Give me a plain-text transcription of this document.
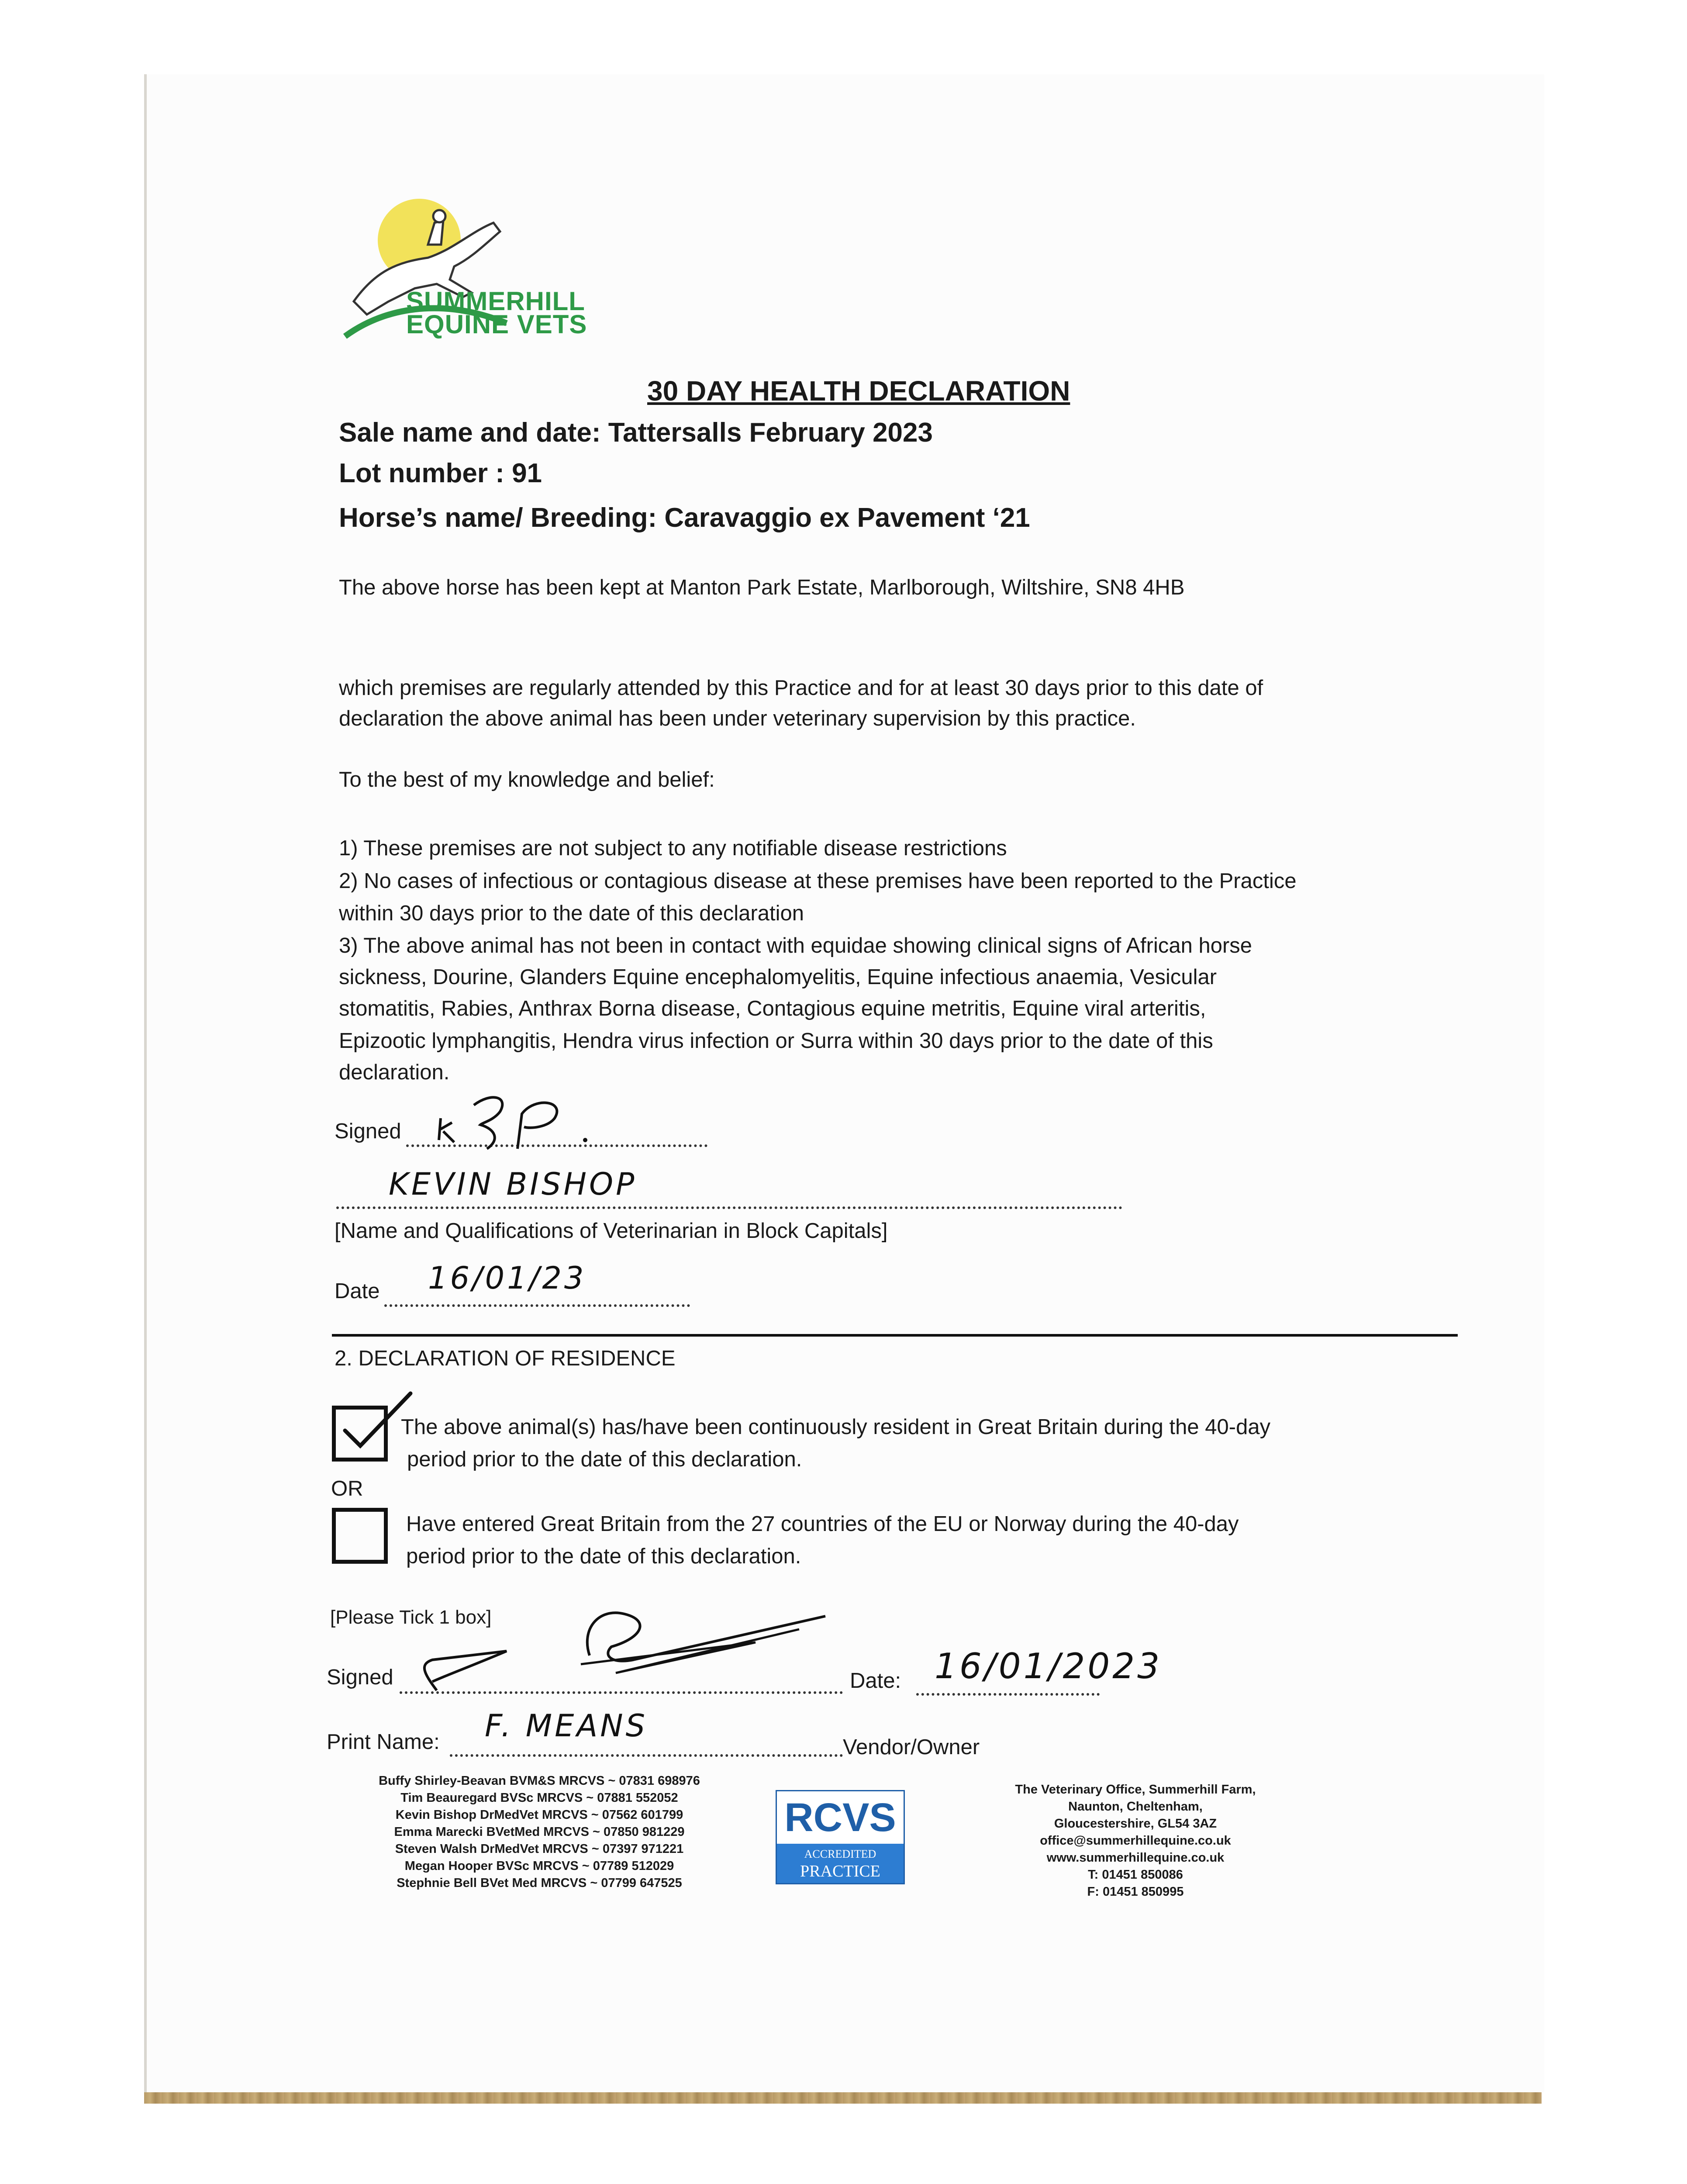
SUMMERHILL

EQUINE VETS

30 DAY HEALTH DECLARATION

Sale name and date: Tattersalls February 2023

Lot number : 91

Horse’s name/ Breeding: Caravaggio ex Pavement ‘21

The above horse has been kept at Manton Park Estate, Marlborough, Wiltshire, SN8 4HB

which premises are regularly attended by this Practice and for at least 30 days prior to this date of

declaration the above animal has been under veterinary supervision by this practice.

To the best of my knowledge and belief:

1) These premises are not subject to any notifiable disease restrictions

2) No cases of infectious or contagious disease at these premises have been reported to the Practice

within 30 days prior to the date of this declaration

3) The above animal has not been in contact with equidae showing clinical signs of African horse

sickness, Dourine, Glanders Equine encephalomyelitis, Equine infectious anaemia, Vesicular

stomatitis, Rabies, Anthrax Borna disease, Contagious equine metritis, Equine viral arteritis,

Epizootic lymphangitis, Hendra virus infection or Surra within 30 days prior to the date of this

declaration.

Signed

KEVIN BISHOP

[Name and Qualifications of Veterinarian in Block Capitals]

Date 16/01/23

2. DECLARATION OF RESIDENCE

The above animal(s) has/have been continuously resident in Great Britain during the 40-day

period prior to the date of this declaration.

OR

Have entered Great Britain from the 27 countries of the EU or Norway during the 40-day

period prior to the date of this declaration.

[Please Tick 1 box]

Signed	Date: 16/01/2023

Print Name: F. MEANS

Vendor/Owner

Buffy Shirley-Beavan BVM&S MRCVS ~ 07831 698976
Tim Beauregard BVSc MRCVS ~ 07881 552052
Kevin Bishop DrMedVet MRCVS ~ 07562 601799
Emma Marecki BVetMed MRCVS ~ 07850 981229
Steven Walsh DrMedVet MRCVS ~ 07397 971221
Megan Hooper BVSc MRCVS ~ 07789 512029
Stephnie Bell BVet Med MRCVS ~ 07799 647525
RCVS
ACCREDITED
PRACTICE
The Veterinary Office, Summerhill Farm,
Naunton, Cheltenham,
Gloucestershire, GL54 3AZ
office@summerhillequine.co.uk
www.summerhillequine.co.uk
T: 01451 850086
F: 01451 850995
